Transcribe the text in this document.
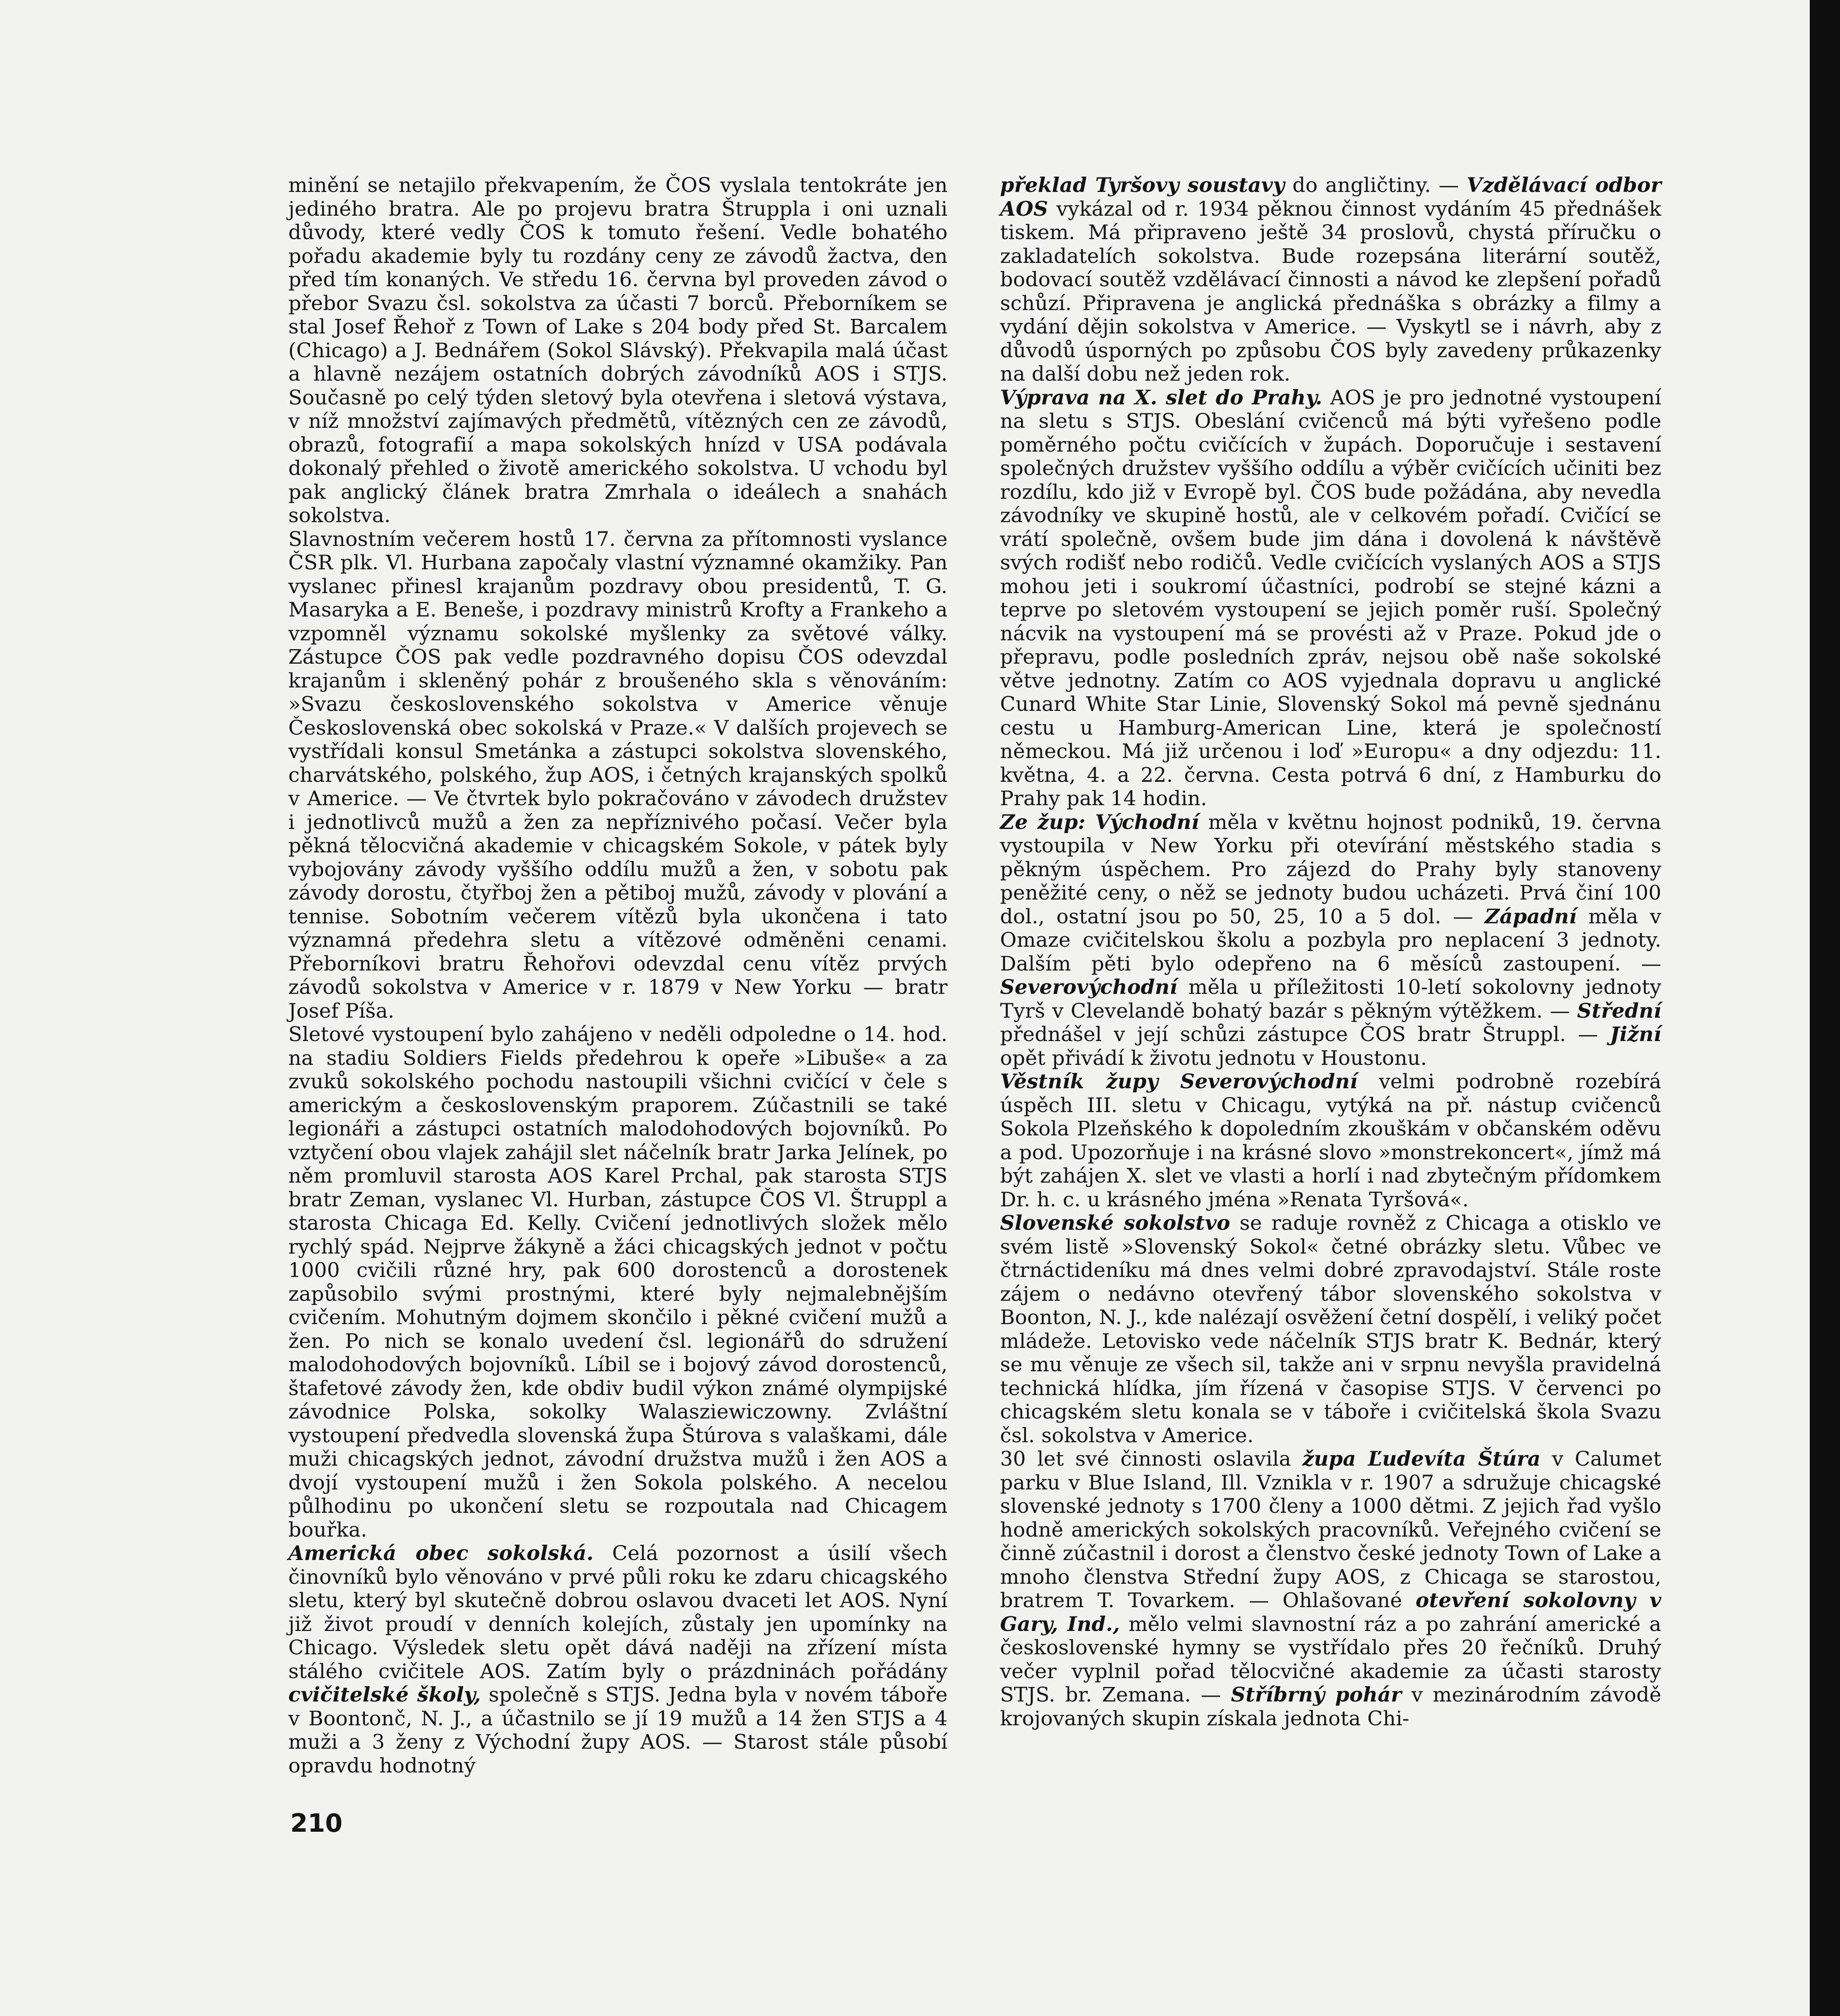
minění se netajilo překvapením, že ČOS vyslala tentokráte jen jediného bratra. Ale po projevu bratra Štruppla i oni uznali důvody, které vedly ČOS k tomuto řešení. Vedle bohatého pořadu akademie byly tu rozdány ceny ze závodů žactva, den před tím konaných. Ve středu 16. června byl proveden závod o přebor Svazu čsl. sokolstva za účasti 7 borců. Přeborníkem se stal Josef Řehoř z Town of Lake s 204 body před St. Barcalem (Chicago) a J. Bednářem (Sokol Slávský). Překvapila malá účast a hlavně nezájem ostatních dobrých závodníků AOS i STJS. Současně po celý týden sletový byla otevřena i sletová výstava, v níž množství zajímavých předmětů, vítězných cen ze závodů, obrazů, fotografií a mapa sokolských hnízd v USA podávala dokonalý přehled o životě amerického sokolstva. U vchodu byl pak anglický článek bratra Zmrhala o ideálech a snahách sokolstva.

Slavnostním večerem hostů 17. června za přítomnosti vyslance ČSR plk. Vl. Hurbana započaly vlastní významné okamžiky. Pan vyslanec přinesl krajanům pozdravy obou presidentů, T. G. Masaryka a E. Beneše, i pozdravy ministrů Krofty a Frankeho a vzpomněl významu sokolské myšlenky za světové války. Zástupce ČOS pak vedle pozdravného dopisu ČOS odevzdal krajanům i skleněný pohár z broušeného skla s věnováním: »Svazu československého sokolstva v Americe věnuje Československá obec sokolská v Praze.« V dalších projevech se vystřídali konsul Smetánka a zástupci sokolstva slovenského, charvátského, polského, žup AOS, i četných krajanských spolků v Americe. — Ve čtvrtek bylo pokračováno v závodech družstev i jednotlivců mužů a žen za nepříznivého počasí. Večer byla pěkná tělocvičná akademie v chicagském Sokole, v pátek byly vybojovány závody vyššího oddílu mužů a žen, v sobotu pak závody dorostu, čtyřboj žen a pětiboj mužů, závody v plování a tennise. Sobotním večerem vítězů byla ukončena i tato významná předehra sletu a vítězové odměněni cenami. Přeborníkovi bratru Řehořovi odevzdal cenu vítěz prvých závodů sokolstva v Americe v r. 1879 v New Yorku — bratr Josef Píša.

Sletové vystoupení bylo zahájeno v neděli odpoledne o 14. hod. na stadiu Soldiers Fields předehrou k opeře »Libuše« a za zvuků sokolského pochodu nastoupili všichni cvičící v čele s americkým a československým praporem. Zúčastnili se také legionáři a zástupci ostatních malodohodových bojovníků. Po vztyčení obou vlajek zahájil slet náčelník bratr Jarka Jelínek, po něm promluvil starosta AOS Karel Prchal, pak starosta STJS bratr Zeman, vyslanec Vl. Hurban, zástupce ČOS Vl. Štruppl a starosta Chicaga Ed. Kelly. Cvičení jednotlivých složek mělo rychlý spád. Nejprve žákyně a žáci chicagských jednot v počtu 1000 cvičili různé hry, pak 600 dorostenců a dorostenek zapůsobilo svými prostnými, které byly nejmalebnějším cvičením. Mohutným dojmem skončilo i pěkné cvičení mužů a žen. Po nich se konalo uvedení čsl. legionářů do sdružení malodohodových bojovníků. Líbil se i bojový závod dorostenců, štafetové závody žen, kde obdiv budil výkon známé olympijské závodnice Polska, sokolky Walasziewiczowny. Zvláštní vystoupení předvedla slovenská župa Štúrova s valaškami, dále muži chicagských jednot, závodní družstva mužů i žen AOS a dvojí vystoupení mužů i žen Sokola polského. A necelou půlhodinu po ukončení sletu se rozpoutala nad Chicagem bouřka.

Americká obec sokolská. Celá pozornost a úsilí všech činovníků bylo věnováno v prvé půli roku ke zdaru chicagského sletu, který byl skutečně dobrou oslavou dvaceti let AOS. Nyní již život proudí v denních kolejích, zůstaly jen upomínky na Chicago. Výsledek sletu opět dává naději na zřízení místa stálého cvičitele AOS. Zatím byly o prázdninách pořádány cvičitelské školy, společně s STJS. Jedna byla v novém táboře v Boontonč, N. J., a účastnilo se jí 19 mužů a 14 žen STJS a 4 muži a 3 ženy z Východní župy AOS. — Starost stále působí opravdu hodnotný

překlad Tyršovy soustavy do angličtiny. — Vzdělávací odbor AOS vykázal od r. 1934 pěknou činnost vydáním 45 přednášek tiskem. Má připraveno ještě 34 proslovů, chystá příručku o zakladatelích sokolstva. Bude rozepsána literární soutěž, bodovací soutěž vzdělávací činnosti a návod ke zlepšení pořadů schůzí. Připravena je anglická přednáška s obrázky a filmy a vydání dějin sokolstva v Americe. — Vyskytl se i návrh, aby z důvodů úsporných po způsobu ČOS byly zavedeny průkazenky na další dobu než jeden rok.

Výprava na X. slet do Prahy. AOS je pro jednotné vystoupení na sletu s STJS. Obeslání cvičenců má býti vyřešeno podle poměrného počtu cvičících v župách. Doporučuje i sestavení společných družstev vyššího oddílu a výběr cvičících učiniti bez rozdílu, kdo již v Evropě byl. ČOS bude požádána, aby nevedla závodníky ve skupině hostů, ale v celkovém pořadí. Cvičící se vrátí společně, ovšem bude jim dána i dovolená k návštěvě svých rodišť nebo rodičů. Vedle cvičících vyslaných AOS a STJS mohou jeti i soukromí účastníci, podrobí se stejné kázni a teprve po sletovém vystoupení se jejich poměr ruší. Společný nácvik na vystoupení má se provésti až v Praze. Pokud jde o přepravu, podle posledních zpráv, nejsou obě naše sokolské větve jednotny. Zatím co AOS vyjednala dopravu u anglické Cunard White Star Linie, Slovenský Sokol má pevně sjednánu cestu u Hamburg-American Line, která je společností německou. Má již určenou i loď »Europu« a dny odjezdu: 11. května, 4. a 22. června. Cesta potrvá 6 dní, z Hamburku do Prahy pak 14 hodin.

Ze žup: Východní měla v květnu hojnost podniků, 19. června vystoupila v New Yorku při otevírání městského stadia s pěkným úspěchem. Pro zájezd do Prahy byly stanoveny peněžité ceny, o něž se jednoty budou ucházeti. Prvá činí 100 dol., ostatní jsou po 50, 25, 10 a 5 dol. — Západní měla v Omaze cvičitelskou školu a pozbyla pro neplacení 3 jednoty. Dalším pěti bylo odepřeno na 6 měsíců zastoupení. — Severovýchodní měla u příležitosti 10-letí sokolovny jednoty Tyrš v Clevelandě bohatý bazár s pěkným výtěžkem. — Střední přednášel v její schůzi zástupce ČOS bratr Štruppl. — Jižní opět přivádí k životu jednotu v Houstonu.

Věstník župy Severovýchodní velmi podrobně rozebírá úspěch III. sletu v Chicagu, vytýká na př. nástup cvičenců Sokola Plzeňského k dopoledním zkouškám v občanském oděvu a pod. Upozorňuje i na krásné slovo »monstrekoncert«, jímž má být zahájen X. slet ve vlasti a horlí i nad zbytečným přídomkem Dr. h. c. u krásného jména »Renata Tyršová«.

Slovenské sokolstvo se raduje rovněž z Chicaga a otisklo ve svém listě »Slovenský Sokol« četné obrázky sletu. Vůbec ve čtrnáctideníku má dnes velmi dobré zpravodajství. Stále roste zájem o nedávno otevřený tábor slovenského sokolstva v Boonton, N. J., kde nalézají osvěžení četní dospělí, i veliký počet mládeže. Letovisko vede náčelník STJS bratr K. Bednár, který se mu věnuje ze všech sil, takže ani v srpnu nevyšla pravidelná technická hlídka, jím řízená v časopise STJS. V červenci po chicagském sletu konala se v táboře i cvičitelská škola Svazu čsl. sokolstva v Americe.

30 let své činnosti oslavila župa Ľudevíta Štúra v Calumet parku v Blue Island, Ill. Vznikla v r. 1907 a sdružuje chicagské slovenské jednoty s 1700 členy a 1000 dětmi. Z jejich řad vyšlo hodně amerických sokolských pracovníků. Veřejného cvičení se činně zúčastnil i dorost a členstvo české jednoty Town of Lake a mnoho členstva Střední župy AOS, z Chicaga se starostou, bratrem T. Tovarkem. — Ohlašované otevření sokolovny v Gary, Ind., mělo velmi slavnostní ráz a po zahrání americké a československé hymny se vystřídalo přes 20 řečníků. Druhý večer vyplnil pořad tělocvičné akademie za účasti starosty STJS. br. Zemana. — Stříbrný pohár v mezinárodním závodě krojovaných skupin získala jednota Chi-

210
